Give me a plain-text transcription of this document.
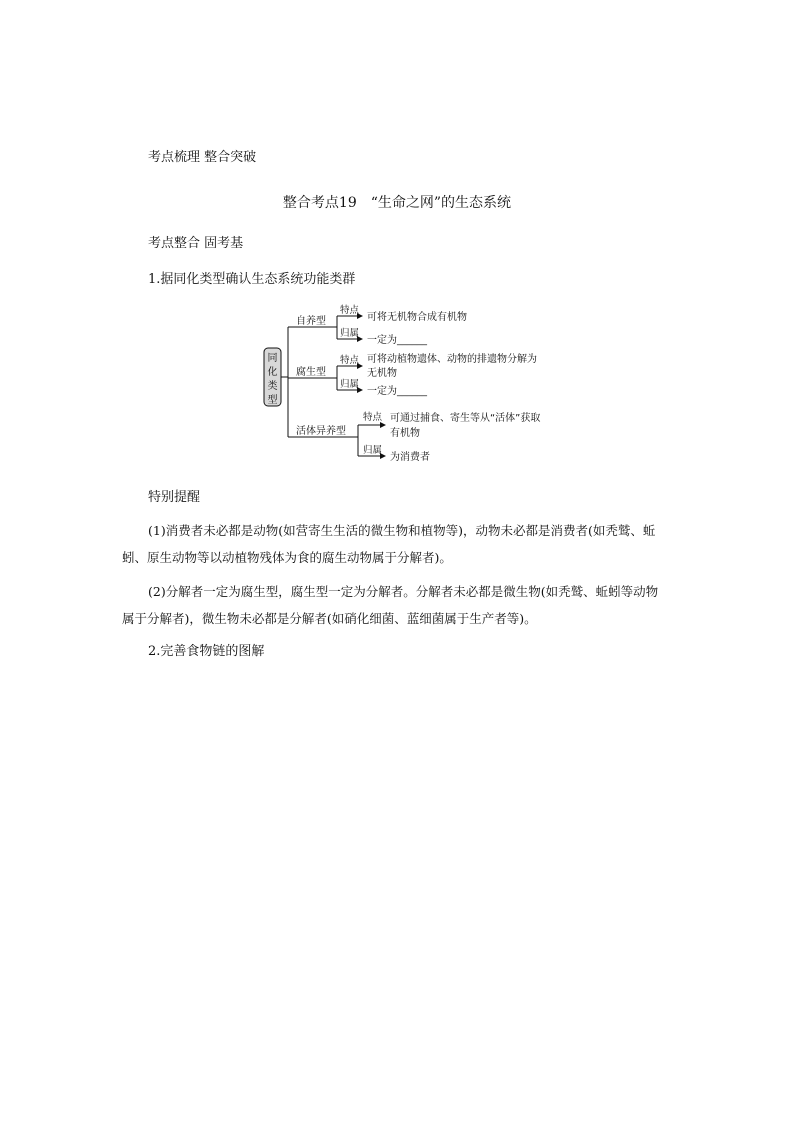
考点梳理 整合突破
整合考点19　“生命之网”的生态系统
考点整合 固考基
1.据同化类型确认生态系统功能类群
同
化
类
型
自养型
腐生型
活体异养型
特点
归属
可将无机物合成有机物
一定为______
特点
归属
可将动植物遗体、动物的排遗物分解为
无机物
一定为______
特点
归属
可通过捕食、寄生等从“活体”获取
有机物
为消费者
特别提醒
(1)消费者未必都是动物(如营寄生生活的微生物和植物等)，动物未必都是消费者(如秃鹫、蚯蚓、原生动物等以动植物残体为食的腐生动物属于分解者)。
(2)分解者一定为腐生型，腐生型一定为分解者。分解者未必都是微生物(如秃鹫、蚯蚓等动物属于分解者)，微生物未必都是分解者(如硝化细菌、蓝细菌属于生产者等)。
2.完善食物链的图解
